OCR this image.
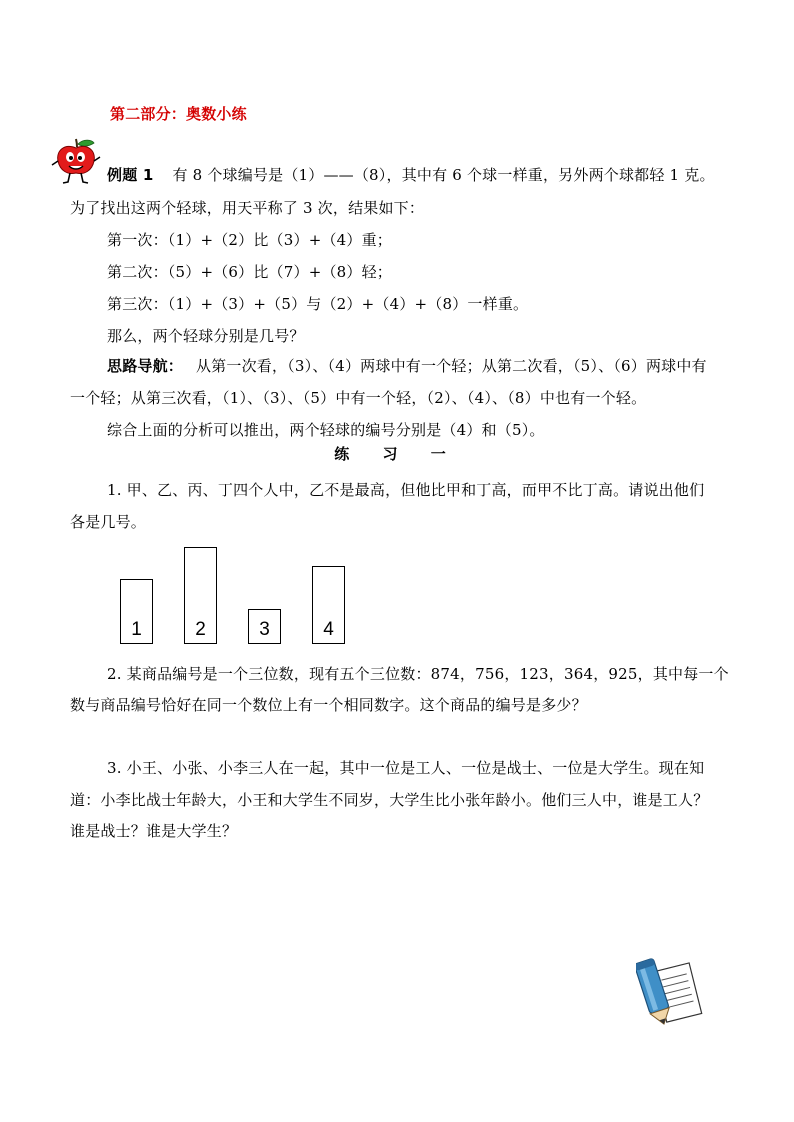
第二部分：奥数小练
例题 1 有 8 个球编号是（1）——（8），其中有 6 个球一样重，另外两个球都轻 1 克。
为了找出这两个轻球，用天平称了 3 次，结果如下：
第一次：（1）+（2）比（3）+（4）重；
第二次：（5）+（6）比（7）+（8）轻；
第三次：（1）+（3）+（5）与（2）+（4）+（8）一样重。
那么，两个轻球分别是几号？
思路导航： 从第一次看，（3）、（4）两球中有一个轻；从第二次看，（5）、（6）两球中有
一个轻；从第三次看，（1）、（3）、（5）中有一个轻，（2）、（4）、（8）中也有一个轻。
综合上面的分析可以推出，两个轻球的编号分别是（4）和（5）。
练 习 一
1. 甲、乙、丙、丁四个人中，乙不是最高，但他比甲和丁高，而甲不比丁高。请说出他们
各是几号。
1	2	3	4
2. 某商品编号是一个三位数，现有五个三位数：874，756，123，364，925，其中每一个
数与商品编号恰好在同一个数位上有一个相同数字。这个商品的编号是多少？
3. 小王、小张、小李三人在一起，其中一位是工人、一位是战士、一位是大学生。现在知
道：小李比战士年龄大，小王和大学生不同岁，大学生比小张年龄小。他们三人中，谁是工人？
谁是战士？谁是大学生？
